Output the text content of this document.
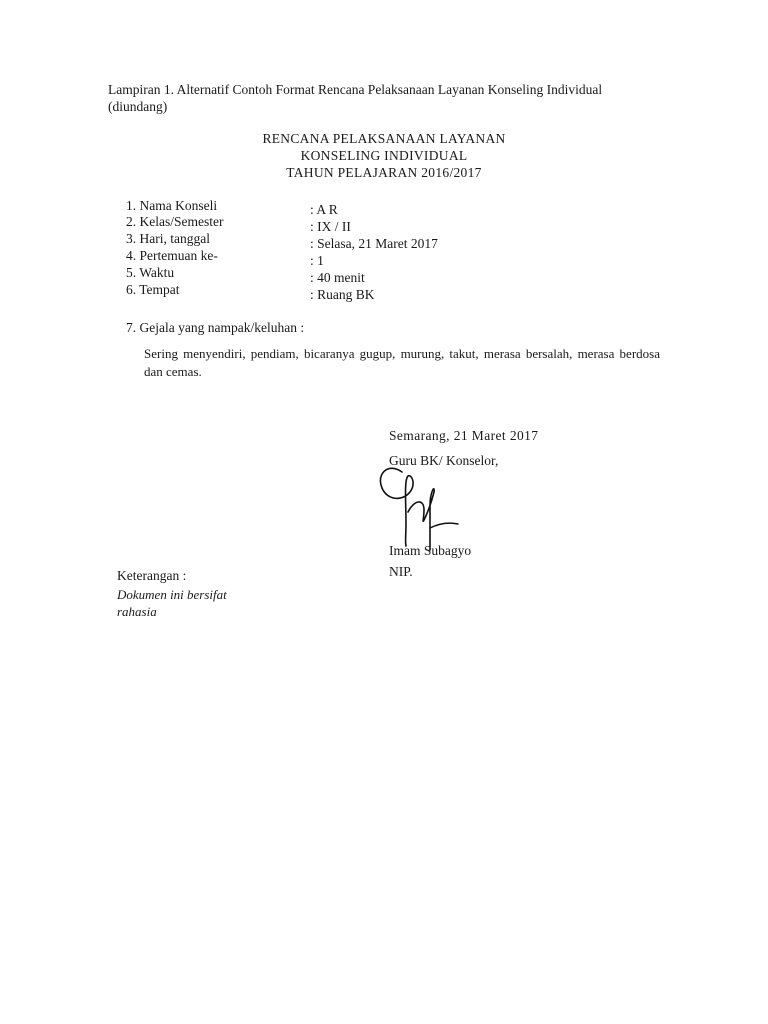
Lampiran 1. Alternatif Contoh Format Rencana Pelaksanaan Layanan Konseling Individual
(diundang)
RENCANA PELAKSANAAN LAYANAN
KONSELING INDIVIDUAL
TAHUN PELAJARAN 2016/2017
1. Nama Konseli
2. Kelas/Semester
3. Hari, tanggal
4. Pertemuan ke-
5. Waktu
6. Tempat
: A R
: IX / II
: Selasa, 21 Maret 2017
: 1
: 40 menit
: Ruang BK
7. Gejala yang nampak/keluhan :
Sering menyendiri, pendiam, bicaranya gugup, murung, takut, merasa bersalah, merasa berdosa dan cemas.
Semarang, 21 Maret 2017
Guru BK/ Konselor,
Imam Subagyo
NIP.
Keterangan :
Dokumen ini bersifat
rahasia
